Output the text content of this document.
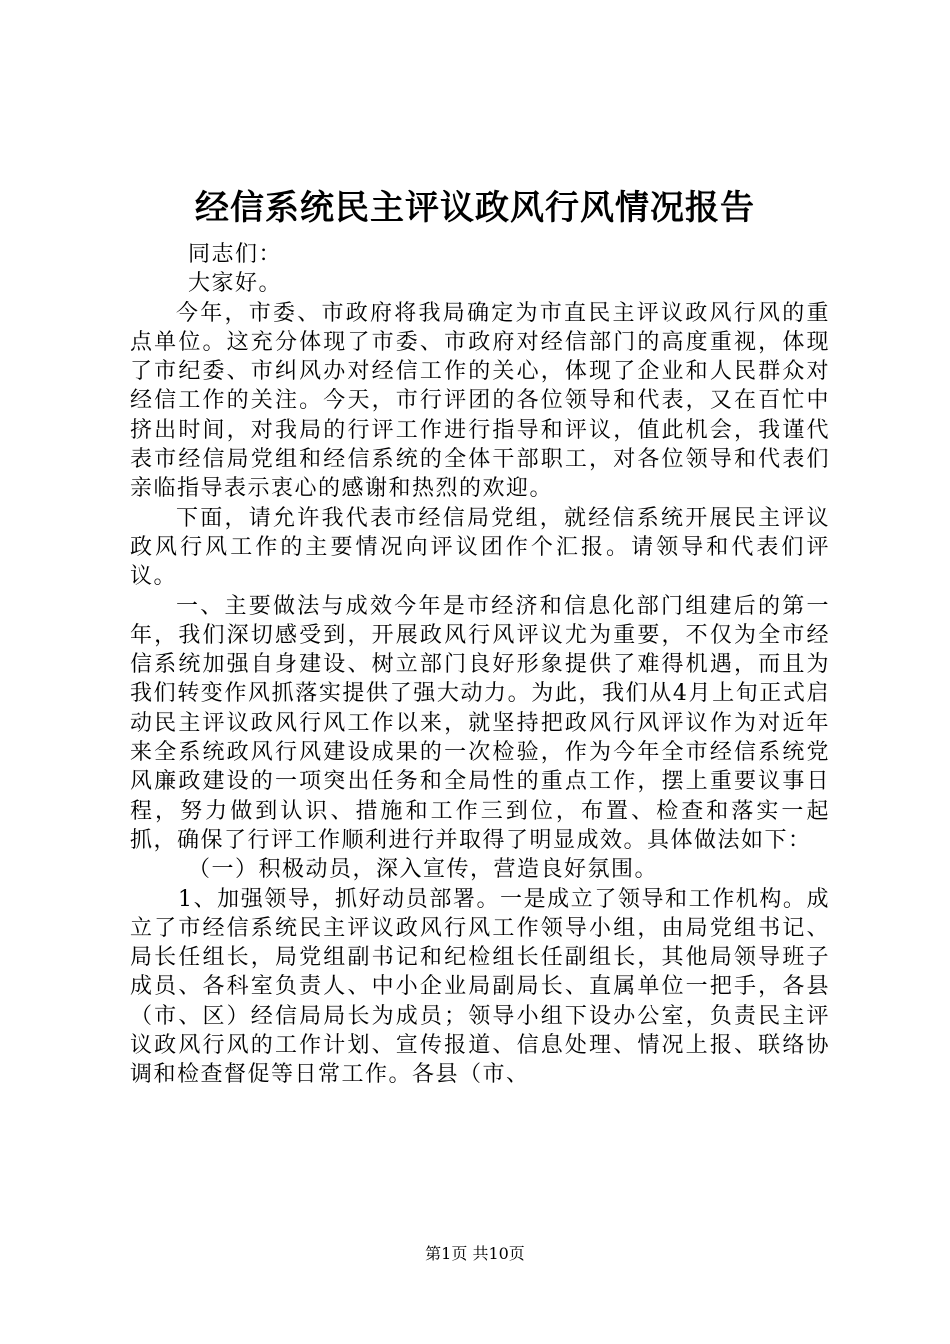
经信系统民主评议政风行风情况报告

同志们：

大家好。

今年，市委、市政府将我局确定为市直民主评议政风行风的重点单位。这充分体现了市委、市政府对经信部门的高度重视，体现了市纪委、市纠风办对经信工作的关心，体现了企业和人民群众对经信工作的关注。今天，市行评团的各位领导和代表，又在百忙中挤出时间，对我局的行评工作进行指导和评议，值此机会，我谨代表市经信局党组和经信系统的全体干部职工，对各位领导和代表们亲临指导表示衷心的感谢和热烈的欢迎。

下面，请允许我代表市经信局党组，就经信系统开展民主评议政风行风工作的主要情况向评议团作个汇报。请领导和代表们评议。

一、主要做法与成效今年是市经济和信息化部门组建后的第一年，我们深切感受到，开展政风行风评议尤为重要，不仅为全市经信系统加强自身建设、树立部门良好形象提供了难得机遇，而且为我们转变作风抓落实提供了强大动力。为此，我们从4月上旬正式启动民主评议政风行风工作以来，就坚持把政风行风评议作为对近年来全系统政风行风建设成果的一次检验，作为今年全市经信系统党风廉政建设的一项突出任务和全局性的重点工作，摆上重要议事日程，努力做到认识、措施和工作三到位，布置、检查和落实一起抓，确保了行评工作顺利进行并取得了明显成效。具体做法如下：

（一）积极动员，深入宣传，营造良好氛围。

1、加强领导，抓好动员部署。一是成立了领导和工作机构。成立了市经信系统民主评议政风行风工作领导小组，由局党组书记、局长任组长，局党组副书记和纪检组长任副组长，其他局领导班子成员、各科室负责人、中小企业局副局长、直属单位一把手，各县（市、区）经信局局长为成员；领导小组下设办公室，负责民主评议政风行风的工作计划、宣传报道、信息处理、情况上报、联络协调和检查督促等日常工作。各县（市、

第1页 共10页
